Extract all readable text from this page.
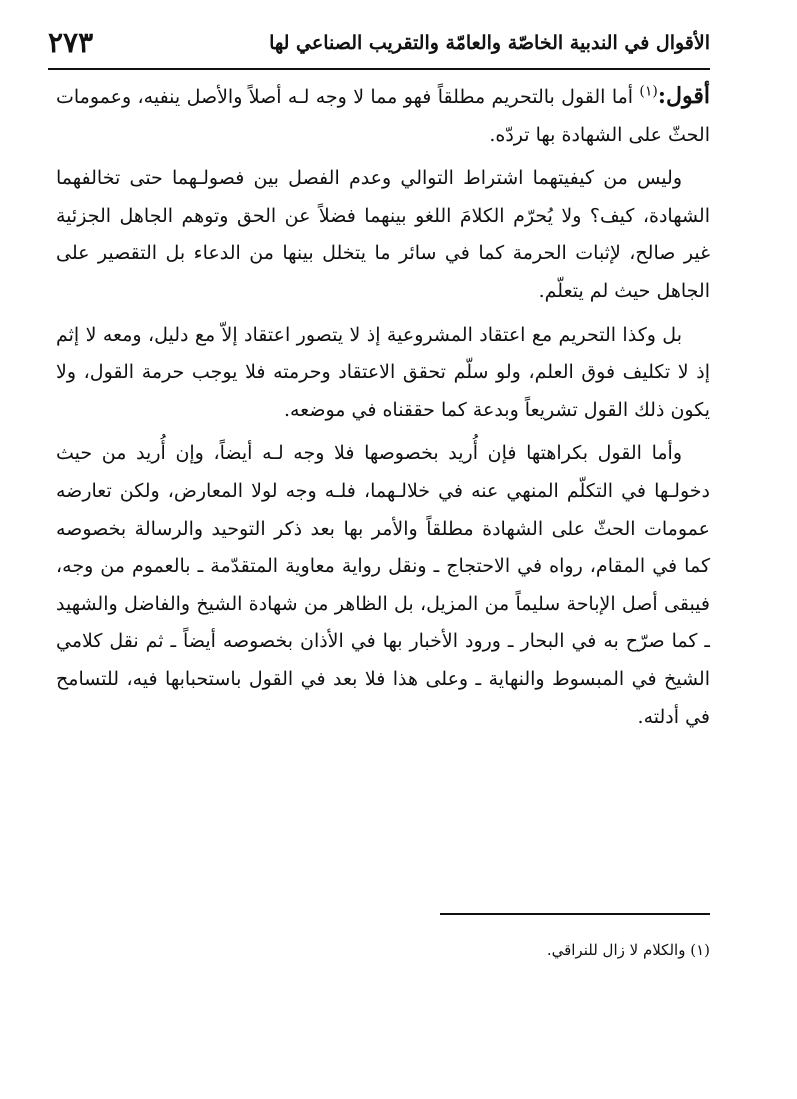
الأقوال في الندبية الخاصّة والعامّة والتقريب الصناعي لها
٢٧٣

أقول:$^{(١)}$ أما القول بالتحريم مطلقاً فهو مما لا وجه لـه أصلاً والأصل ينفيه، وعمومات الحثّ على الشهادة بها تردّه.

وليس من كيفيتهما اشتراط التوالي وعدم الفصل بين فصولـهما حتى تخالفهما الشهادة، كيف؟ ولا يُحرّم الكلامَ اللغو بينهما فضلاً عن الحق وتوهم الجاهل الجزئية غير صالح، لإثبات الحرمة كما في سائر ما يتخلل بينها من الدعاء بل التقصير على الجاهل حيث لم يتعلّم.

بل وكذا التحريم مع اعتقاد المشروعية إذ لا يتصور اعتقاد إلاّ مع دليل، ومعه لا إثم إذ لا تكليف فوق العلم، ولو سلّم تحقق الاعتقاد وحرمته فلا يوجب حرمة القول، ولا يكون ذلك القول تشريعاً وبدعة كما حققناه في موضعه.

وأما القول بكراهتها فإن أُريد بخصوصها فلا وجه لـه أيضاً، وإن أُريد من حيث دخولـها في التكلّم المنهي عنه في خلالـهما، فلـه وجه لولا المعارض، ولكن تعارضه عمومات الحثّ على الشهادة مطلقاً والأمر بها بعد ذكر التوحيد والرسالة بخصوصه كما في المقام، رواه في الاحتجاج ـ ونقل رواية معاوية المتقدّمة ـ بالعموم من وجه، فيبقى أصل الإباحة سليماً من المزيل، بل الظاهر من شهادة الشيخ والفاضل والشهيد ـ كما صرّح به في البحار ـ ورود الأخبار بها في الأذان بخصوصه أيضاً ـ ثم نقل كلامي الشيخ في المبسوط والنهاية ـ وعلى هذا فلا بعد في القول باستحبابها فيه، للتسامح في أدلته.

(١) والكلام لا زال للنراقي.
